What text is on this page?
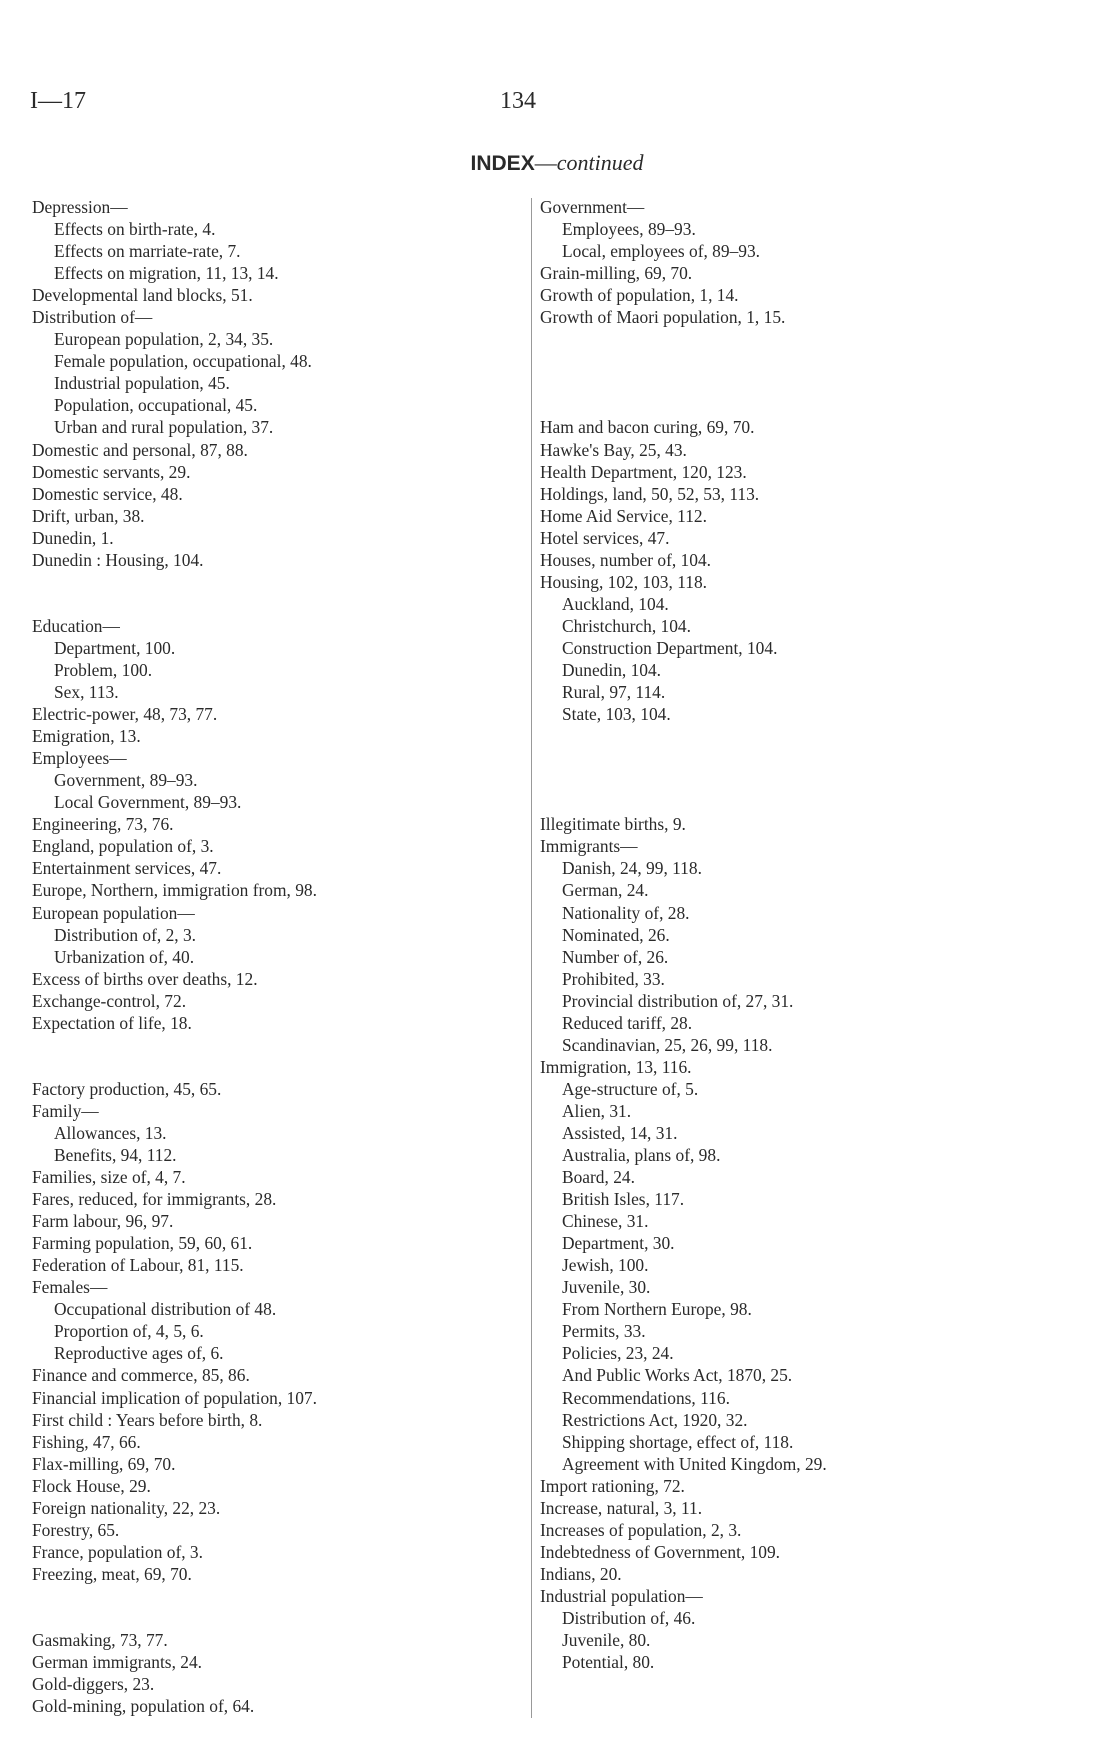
I—17	134
INDEX—continued
Depression—
Effects on birth-rate, 4.
Effects on marriate-rate, 7.
Effects on migration, 11, 13, 14.
Developmental land blocks, 51.
Distribution of—
European population, 2, 34, 35.
Female population, occupational, 48.
Industrial population, 45.
Population, occupational, 45.
Urban and rural population, 37.
Domestic and personal, 87, 88.
Domestic servants, 29.
Domestic service, 48.
Drift, urban, 38.
Dunedin, 1.
Dunedin : Housing, 104.
Education—
Department, 100.
Problem, 100.
Sex, 113.
Electric-power, 48, 73, 77.
Emigration, 13.
Employees—
Government, 89–93.
Local Government, 89–93.
Engineering, 73, 76.
England, population of, 3.
Entertainment services, 47.
Europe, Northern, immigration from, 98.
European population—
Distribution of, 2, 3.
Urbanization of, 40.
Excess of births over deaths, 12.
Exchange-control, 72.
Expectation of life, 18.
Factory production, 45, 65.
Family—
Allowances, 13.
Benefits, 94, 112.
Families, size of, 4, 7.
Fares, reduced, for immigrants, 28.
Farm labour, 96, 97.
Farming population, 59, 60, 61.
Federation of Labour, 81, 115.
Females—
Occupational distribution of 48.
Proportion of, 4, 5, 6.
Reproductive ages of, 6.
Finance and commerce, 85, 86.
Financial implication of population, 107.
First child : Years before birth, 8.
Fishing, 47, 66.
Flax-milling, 69, 70.
Flock House, 29.
Foreign nationality, 22, 23.
Forestry, 65.
France, population of, 3.
Freezing, meat, 69, 70.
Gasmaking, 73, 77.
German immigrants, 24.
Gold-diggers, 23.
Gold-mining, population of, 64.
Government—
Employees, 89–93.
Local, employees of, 89–93.
Grain-milling, 69, 70.
Growth of population, 1, 14.
Growth of Maori population, 1, 15.
Ham and bacon curing, 69, 70.
Hawke's Bay, 25, 43.
Health Department, 120, 123.
Holdings, land, 50, 52, 53, 113.
Home Aid Service, 112.
Hotel services, 47.
Houses, number of, 104.
Housing, 102, 103, 118.
Auckland, 104.
Christchurch, 104.
Construction Department, 104.
Dunedin, 104.
Rural, 97, 114.
State, 103, 104.
Illegitimate births, 9.
Immigrants—
Danish, 24, 99, 118.
German, 24.
Nationality of, 28.
Nominated, 26.
Number of, 26.
Prohibited, 33.
Provincial distribution of, 27, 31.
Reduced tariff, 28.
Scandinavian, 25, 26, 99, 118.
Immigration, 13, 116.
Age-structure of, 5.
Alien, 31.
Assisted, 14, 31.
Australia, plans of, 98.
Board, 24.
British Isles, 117.
Chinese, 31.
Department, 30.
Jewish, 100.
Juvenile, 30.
From Northern Europe, 98.
Permits, 33.
Policies, 23, 24.
And Public Works Act, 1870, 25.
Recommendations, 116.
Restrictions Act, 1920, 32.
Shipping shortage, effect of, 118.
Agreement with United Kingdom, 29.
Import rationing, 72.
Increase, natural, 3, 11.
Increases of population, 2, 3.
Indebtedness of Government, 109.
Indians, 20.
Industrial population—
Distribution of, 46.
Juvenile, 80.
Potential, 80.
